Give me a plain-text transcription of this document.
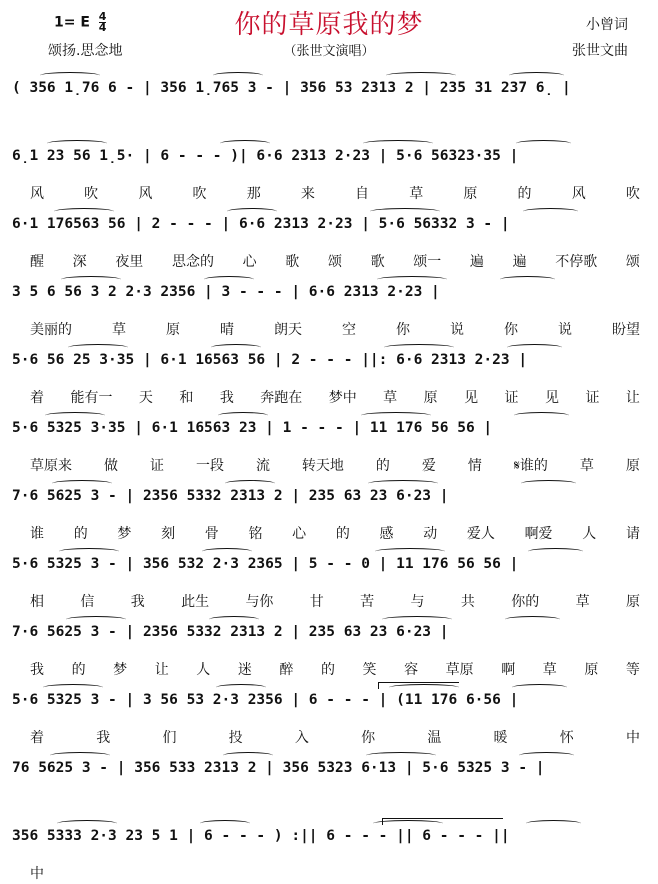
你的草原我的梦
1= E $\frac{4}{4}$
颂扬.思念地	（张世文演唱）
小曾词
张世文曲
( 356 1̣76 6 - | 356 1̣765 3 - | 356 53 2313 2 | 235 31 237 6̣ |
6̣1 23 56 1̣5· | 6 - - - )| 6·6 2313 2·23 | 5·6 56323·35 |
风	吹	风	吹	那	来	自	草	原	的	风	吹
6·1 176563 56 | 2 - - - | 6·6 2313 2·23 | 5·6 56332 3 - |
醒 深 夜里 思念的 心 歌 颂 歌 颂一 遍 遍 不停歌 颂
3 5 6 56 3 2 2·3 2356 | 3 - - - | 6·6 2313 2·23 |
美丽的	草	原	晴	朗天	空	你	说	你	说	盼望
5·6 56 25 3·35 | 6·1 16563 56 | 2 - - - ||: 6·6 2313 2·23 |
着 能有一 天 和 我 奔跑在 梦中 草 原 见 证 见 证 让
5·6 5325 3·35 | 6·1 16563 23 | 1 - - - | 11 176 56 56 |
草原来 做 证 一段 流 转天地 的 爱 情 𝄋谁的 草 原
7·6 5625 3 - | 2356 5332 2313 2 | 235 63 23 6·23 |
谁 的 梦 刻 骨 铭 心 的 感 动 爱人 啊爱 人 请
5·6 5325 3 - | 356 532 2·3 2365 | 5 - - 0 | 11 176 56 56 |
相	信	我	此生	与你	甘	苦	与	共	你的	草	原
7·6 5625 3 - | 2356 5332 2313 2 | 235 63 23 6·23 |
我 的 梦 让 人 迷 醉 的 笑 容 草原 啊 草 原 等
5·6 5325 3 - | 3 56 53 2·3 2356 | 6 - - - | (11 176 6·56 |
着	我	们	投	入	你	温	暖	怀	中
76 5625 3 - | 356 533 2313 2 | 356 5323 6·13 | 5·6 5325 3 - |
356 5333 2·3 23 5 1 | 6 - - - ) :|| 6 - - - || 6 - - - ||
中
